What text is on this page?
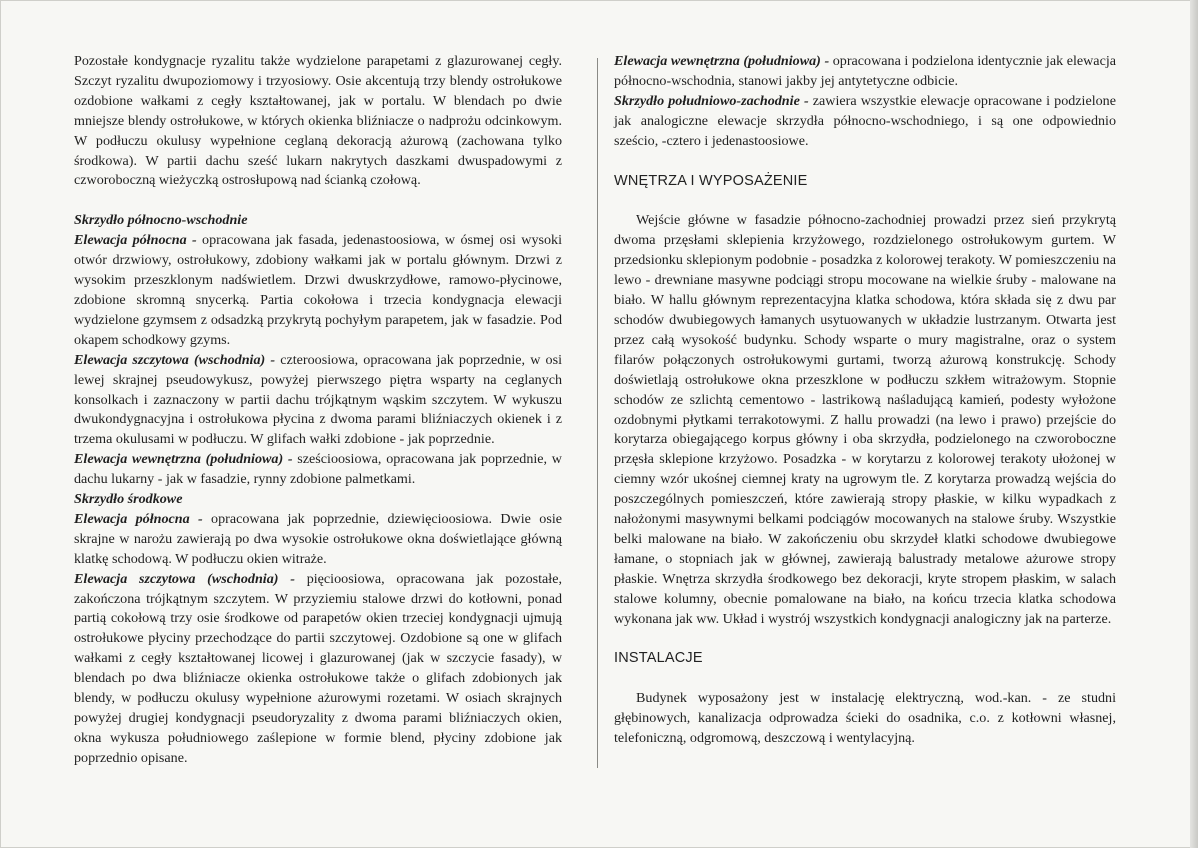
Pozostałe kondygnacje ryzalitu także wydzielone parapetami z glazurowanej cegły. Szczyt ryzalitu dwupoziomowy i trzyosiowy. Osie akcentują trzy blendy ostrołukowe ozdobione wałkami z cegły kształtowanej, jak w portalu. W blendach po dwie mniejsze blendy ostrołukowe, w których okienka bliźniacze o nadprożu odcinkowym. W podłuczu okulusy wypełnione ceglaną dekoracją ażurową (zachowana tylko środkowa). W partii dachu sześć lukarn nakrytych daszkami dwuspadowymi z czworoboczną wieżyczką ostrosłupową nad ścianką czołową.

Skrzydło północno-wschodnie

Elewacja północna - opracowana jak fasada, jedenastoosiowa, w ósmej osi wysoki otwór drzwiowy, ostrołukowy, zdobiony wałkami jak w portalu głównym. Drzwi z wysokim przeszklonym nadświetlem. Drzwi dwuskrzydłowe, ramowo-płycinowe, zdobione skromną snycerką. Partia cokołowa i trzecia kondygnacja elewacji wydzielone gzymsem z odsadzką przykrytą pochyłym parapetem, jak w fasadzie. Pod okapem schodkowy gzyms.

Elewacja szczytowa (wschodnia) - czteroosiowa, opracowana jak poprzednie, w osi lewej skrajnej pseudowykusz, powyżej pierwszego piętra wsparty na ceglanych konsolkach i zaznaczony w partii dachu trójkątnym wąskim szczytem. W wykuszu dwukondygnacyjna i ostrołukowa płycina z dwoma parami bliźniaczych okienek i z trzema okulusami w podłuczu. W glifach wałki zdobione - jak poprzednie.

Elewacja wewnętrzna (południowa) - sześcioosiowa, opracowana jak poprzednie, w dachu lukarny - jak w fasadzie, rynny zdobione palmetkami.

Skrzydło środkowe

Elewacja północna - opracowana jak poprzednie, dziewięcioosiowa. Dwie osie skrajne w narożu zawierają po dwa wysokie ostrołukowe okna doświetlające główną klatkę schodową. W podłuczu okien witraże.

Elewacja szczytowa (wschodnia) - pięcioosiowa, opracowana jak pozostałe, zakończona trójkątnym szczytem. W przyziemiu stalowe drzwi do kotłowni, ponad partią cokołową trzy osie środkowe od parapetów okien trzeciej kondygnacji ujmują ostrołukowe płyciny przechodzące do partii szczytowej. Ozdobione są one w glifach wałkami z cegły kształtowanej licowej i glazurowanej (jak w szczycie fasady), w blendach po dwa bliźniacze okienka ostrołukowe także o glifach zdobionych jak blendy, w podłuczu okulusy wypełnione ażurowymi rozetami. W osiach skrajnych powyżej drugiej kondygnacji pseudoryzality z dwoma parami bliźniaczych okien, okna wykusza południowego zaślepione w formie blend, płyciny zdobione jak poprzednio opisane.

Elewacja wewnętrzna (południowa) - opracowana i podzielona identycznie jak elewacja północno-wschodnia, stanowi jakby jej antytetyczne odbicie.

Skrzydło południowo-zachodnie - zawiera wszystkie elewacje opracowane i podzielone jak analogiczne elewacje skrzydła północno-wschodniego, i są one odpowiednio sześcio, -cztero i jedenastoosiowe.

WNĘTRZA I WYPOSAŻENIE

Wejście główne w fasadzie północno-zachodniej prowadzi przez sień przykrytą dwoma przęsłami sklepienia krzyżowego, rozdzielonego ostrołukowym gurtem. W przedsionku sklepionym podobnie - posadzka z kolorowej terakoty. W pomieszczeniu na lewo - drewniane masywne podciągi stropu mocowane na wielkie śruby - malowane na biało. W hallu głównym reprezentacyjna klatka schodowa, która składa się z dwu par schodów dwubiegowych łamanych usytuowanych w układzie lustrzanym. Otwarta jest przez całą wysokość budynku. Schody wsparte o mury magistralne, oraz o system filarów połączonych ostrołukowymi gurtami, tworzą ażurową konstrukcję. Schody doświetlają ostrołukowe okna przeszklone w podłuczu szkłem witrażowym. Stopnie schodów ze szlichtą cementowo - lastrikową naśladującą kamień, podesty wyłożone ozdobnymi płytkami terrakotowymi. Z hallu prowadzi (na lewo i prawo) przejście do korytarza obiegającego korpus główny i oba skrzydła, podzielonego na czworoboczne przęsła sklepione krzyżowo. Posadzka - w korytarzu z kolorowej terakoty ułożonej w ciemny wzór ukośnej ciemnej kraty na ugrowym tle. Z korytarza prowadzą wejścia do poszczególnych pomieszczeń, które zawierają stropy płaskie, w kilku wypadkach z nałożonymi masywnymi belkami podciągów mocowanych na stalowe śruby. Wszystkie belki malowane na biało. W zakończeniu obu skrzydeł klatki schodowe dwubiegowe łamane, o stopniach jak w głównej, zawierają balustrady metalowe ażurowe stropy płaskie. Wnętrza skrzydła środkowego bez dekoracji, kryte stropem płaskim, w salach stalowe kolumny, obecnie pomalowane na biało, na końcu trzecia klatka schodowa wykonana jak ww. Układ i wystrój wszystkich kondygnacji analogiczny jak na parterze.

INSTALACJE

Budynek wyposażony jest w instalację elektryczną, wod.-kan. - ze studni głębinowych, kanalizacja odprowadza ścieki do osadnika, c.o. z kotłowni własnej, telefoniczną, odgromową, deszczową i wentylacyjną.
